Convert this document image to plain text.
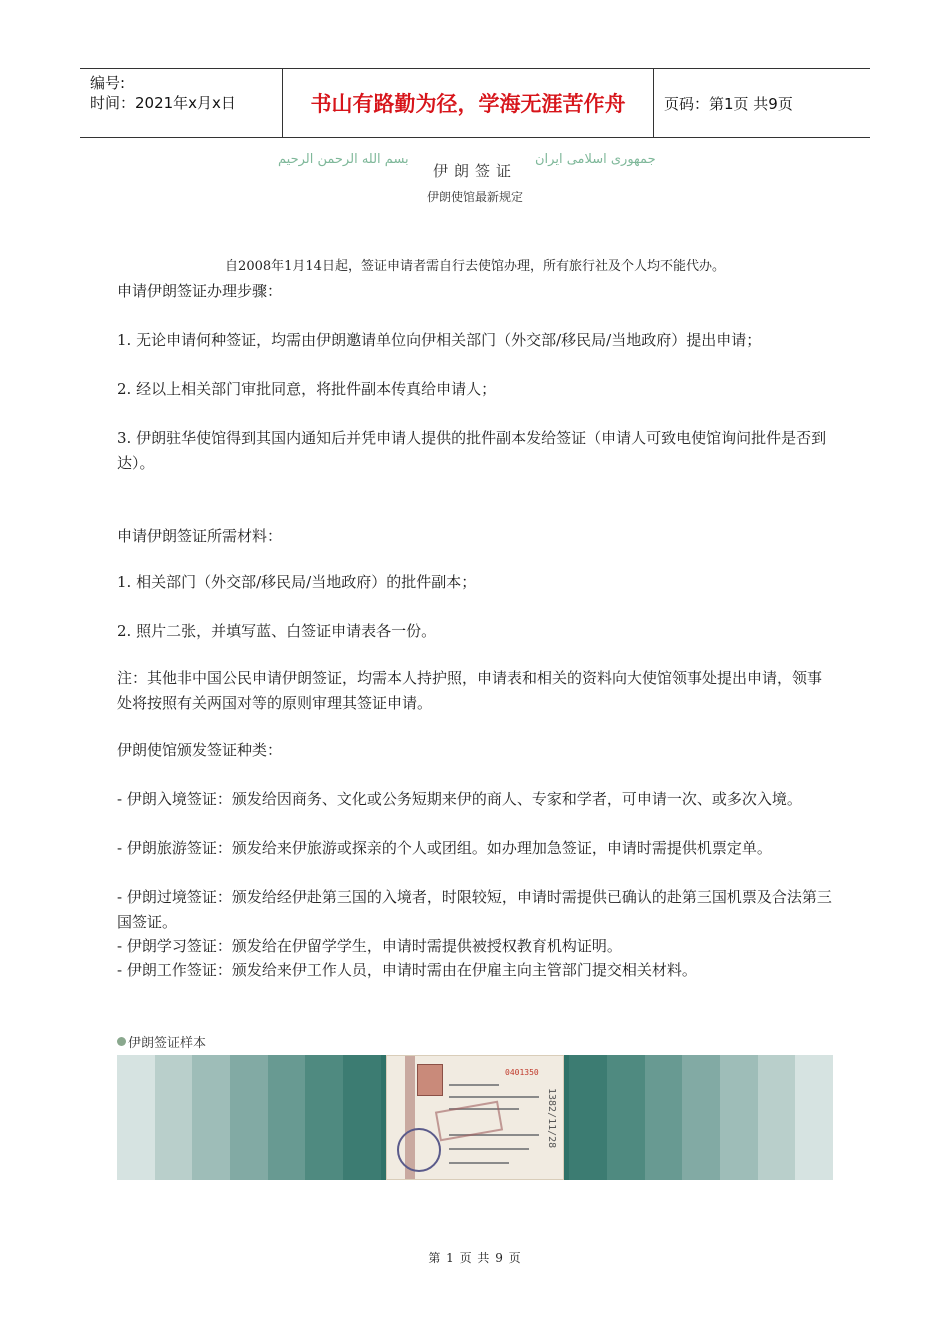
编号:
时间：2021年x月x日	书山有路勤为径，学海无涯苦作舟	页码：第1页 共9页
بسم الله الرحمن الرحيم
伊朗签证
جمهوری اسلامی ایران
伊朗使馆最新规定
自2008年1月14日起，签证申请者需自行去使馆办理，所有旅行社及个人均不能代办。

申请伊朗签证办理步骤：

1. 无论申请何种签证，均需由伊朗邀请单位向伊相关部门（外交部/移民局/当地政府）提出申请；

2. 经以上相关部门审批同意，将批件副本传真给申请人；

3. 伊朗驻华使馆得到其国内通知后并凭申请人提供的批件副本发给签证（申请人可致电使馆询问批件是否到达）。

申请伊朗签证所需材料：

1. 相关部门（外交部/移民局/当地政府）的批件副本；

2. 照片二张，并填写蓝、白签证申请表各一份。

注：其他非中国公民申请伊朗签证，均需本人持护照，申请表和相关的资料向大使馆领事处提出申请，领事处将按照有关两国对等的原则审理其签证申请。

伊朗使馆颁发签证种类：

- 伊朗入境签证：颁发给因商务、文化或公务短期来伊的商人、专家和学者，可申请一次、或多次入境。

- 伊朗旅游签证：颁发给来伊旅游或探亲的个人或团组。如办理加急签证，申请时需提供机票定单。

- 伊朗过境签证：颁发给经伊赴第三国的入境者，时限较短，申请时需提供已确认的赴第三国机票及合法第三国签证。

- 伊朗学习签证：颁发给在伊留学学生，申请时需提供被授权教育机构证明。

- 伊朗工作签证：颁发给来伊工作人员，申请时需由在伊雇主向主管部门提交相关材料。

伊朗签证样本
0401350
1382/11/28
第 1 页 共 9 页
